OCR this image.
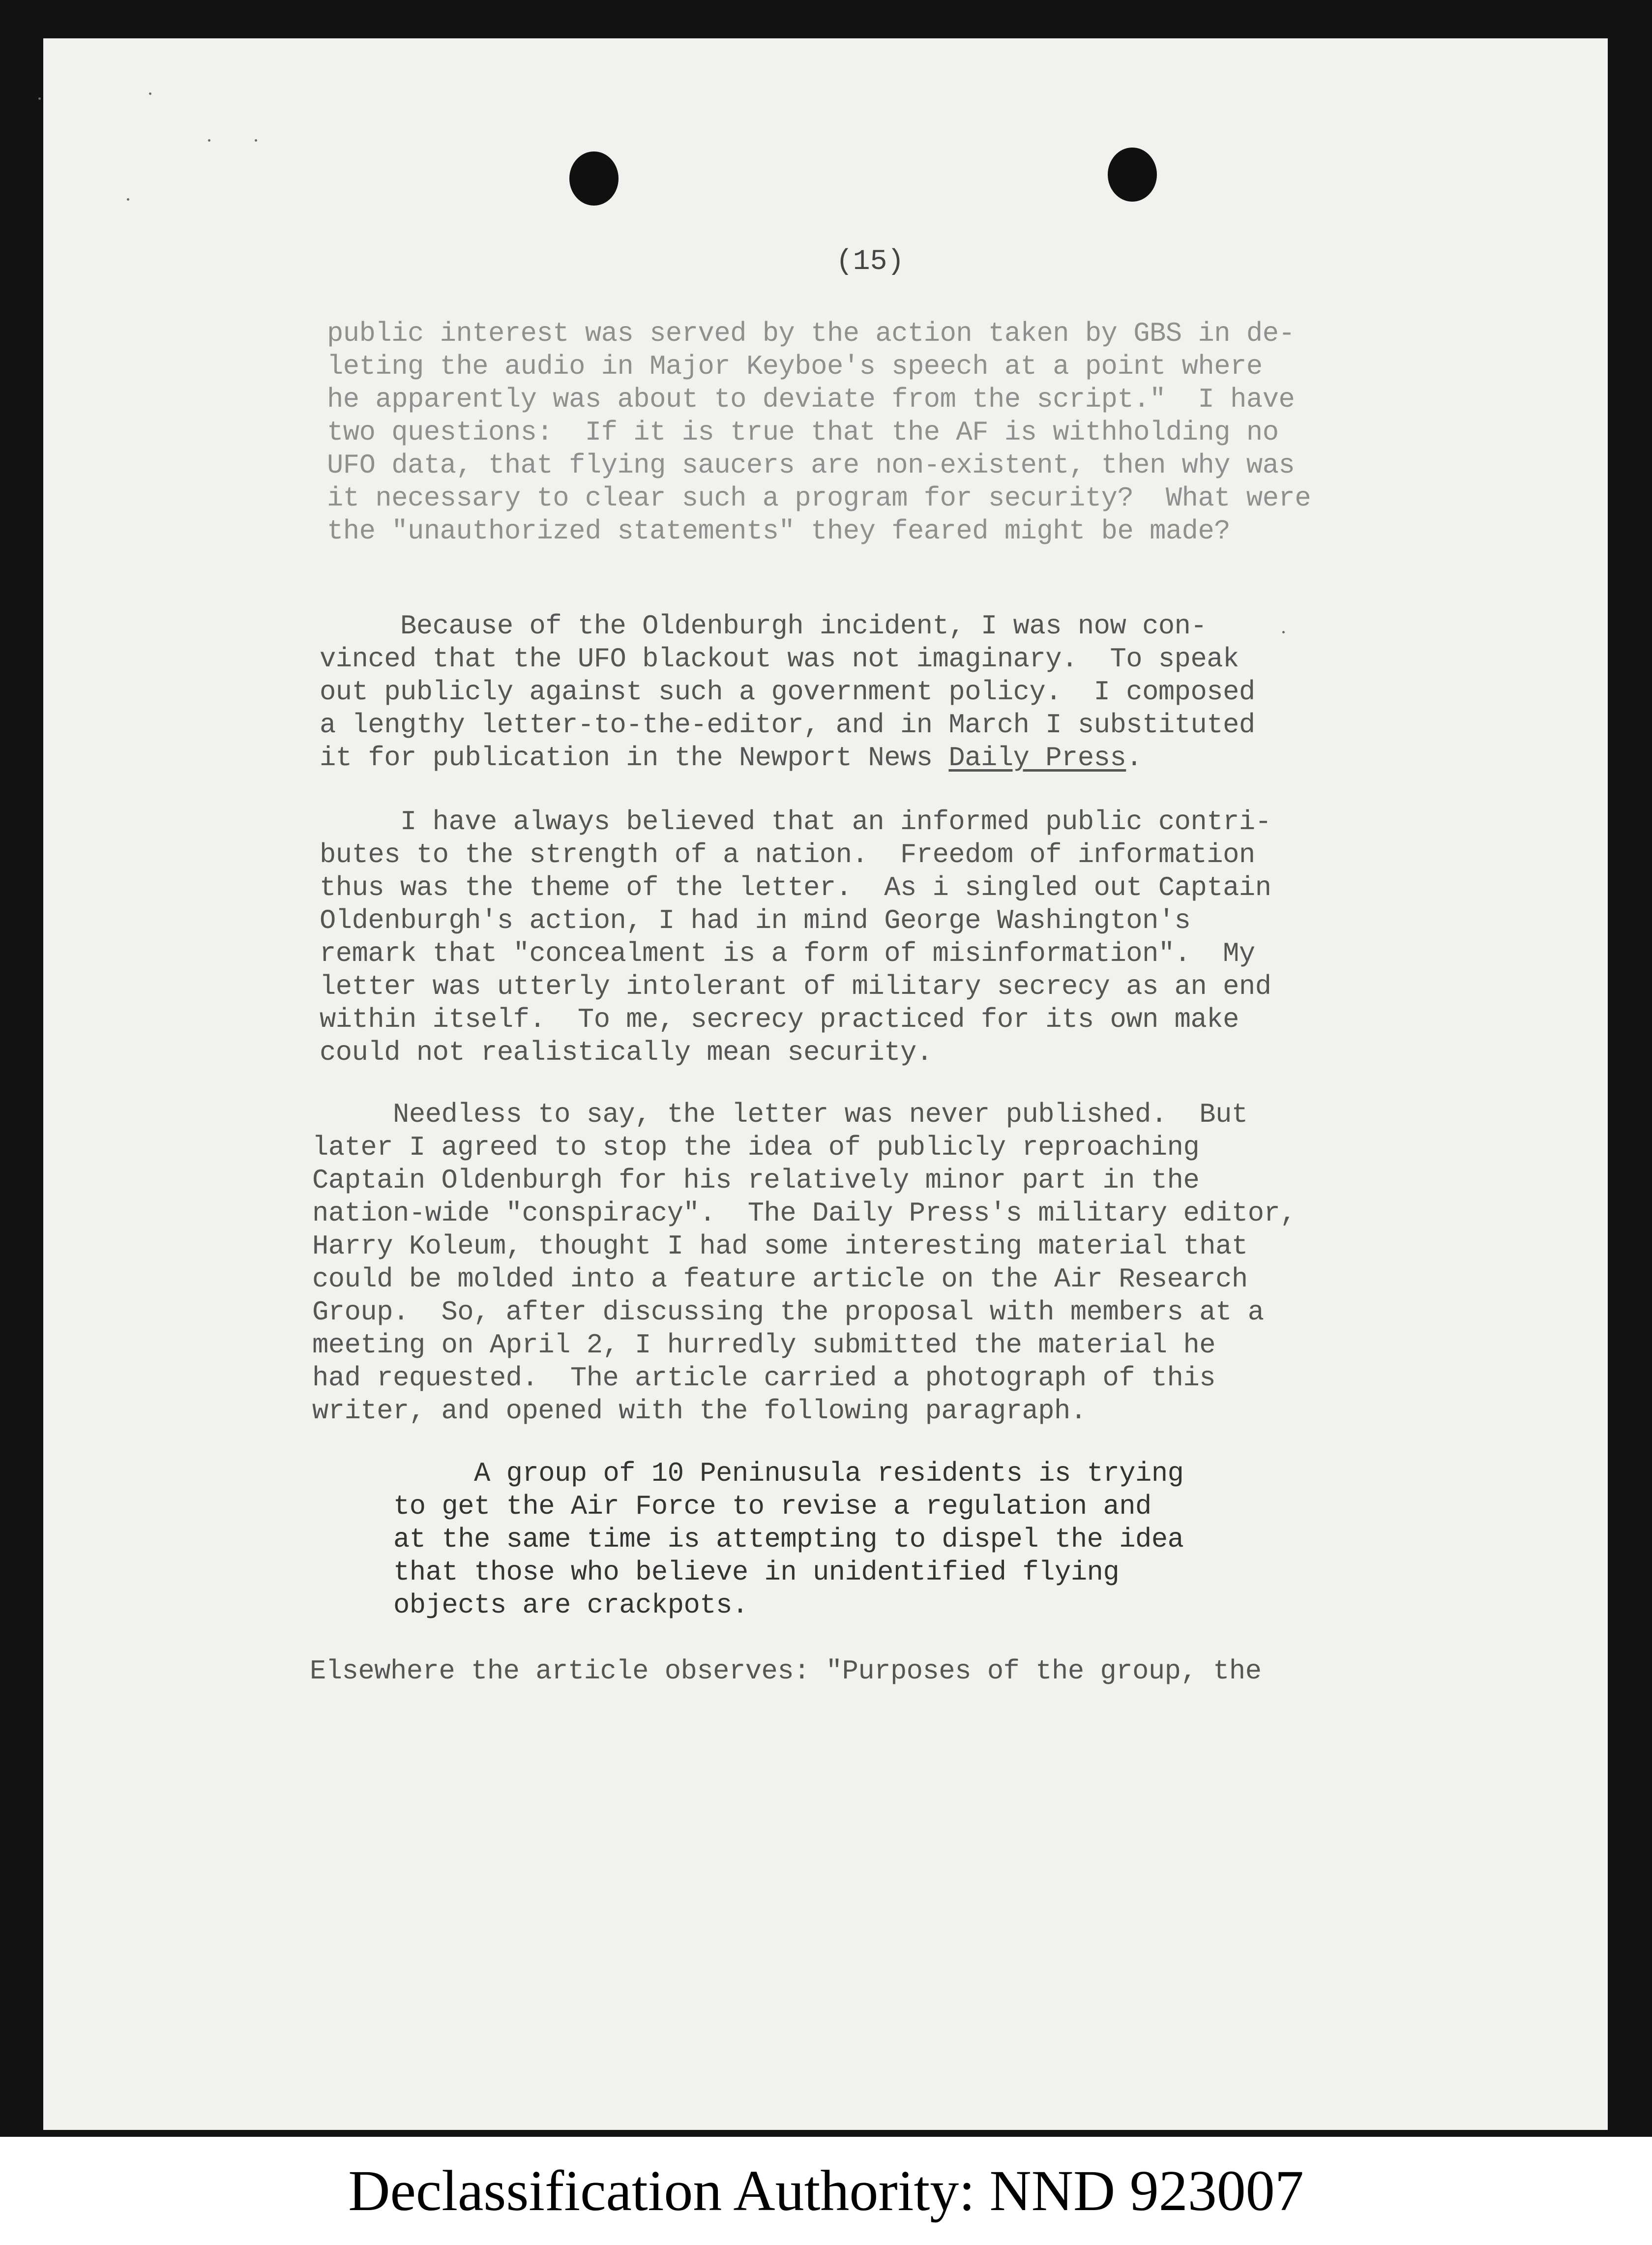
(15)
public interest was served by the action taken by GBS in de-
leting the audio in Major Keyboe's speech at a point where
he apparently was about to deviate from the script."  I have
two questions:  If it is true that the AF is withholding no
UFO data, that flying saucers are non-existent, then why was
it necessary to clear such a program for security?  What were
the "unauthorized statements" they feared might be made?
Because of the Oldenburgh incident, I was now con-
vinced that the UFO blackout was not imaginary.  To speak
out publicly against such a government policy.  I composed
a lengthy letter-to-the-editor, and in March I substituted
it for publication in the Newport News Daily Press.
I have always believed that an informed public contri-
butes to the strength of a nation.  Freedom of information
thus was the theme of the letter.  As i singled out Captain
Oldenburgh's action, I had in mind George Washington's
remark that "concealment is a form of misinformation".  My
letter was utterly intolerant of military secrecy as an end
within itself.  To me, secrecy practiced for its own make
could not realistically mean security.
Needless to say, the letter was never published.  But
later I agreed to stop the idea of publicly reproaching
Captain Oldenburgh for his relatively minor part in the
nation-wide "conspiracy".  The Daily Press's military editor,
Harry Koleum, thought I had some interesting material that
could be molded into a feature article on the Air Research
Group.  So, after discussing the proposal with members at a
meeting on April 2, I hurredly submitted the material he
had requested.  The article carried a photograph of this
writer, and opened with the following paragraph.
A group of 10 Peninusula residents is trying
to get the Air Force to revise a regulation and
at the same time is attempting to dispel the idea
that those who believe in unidentified flying
objects are crackpots.
Elsewhere the article observes: "Purposes of the group, the
Declassification Authority: NND 923007
